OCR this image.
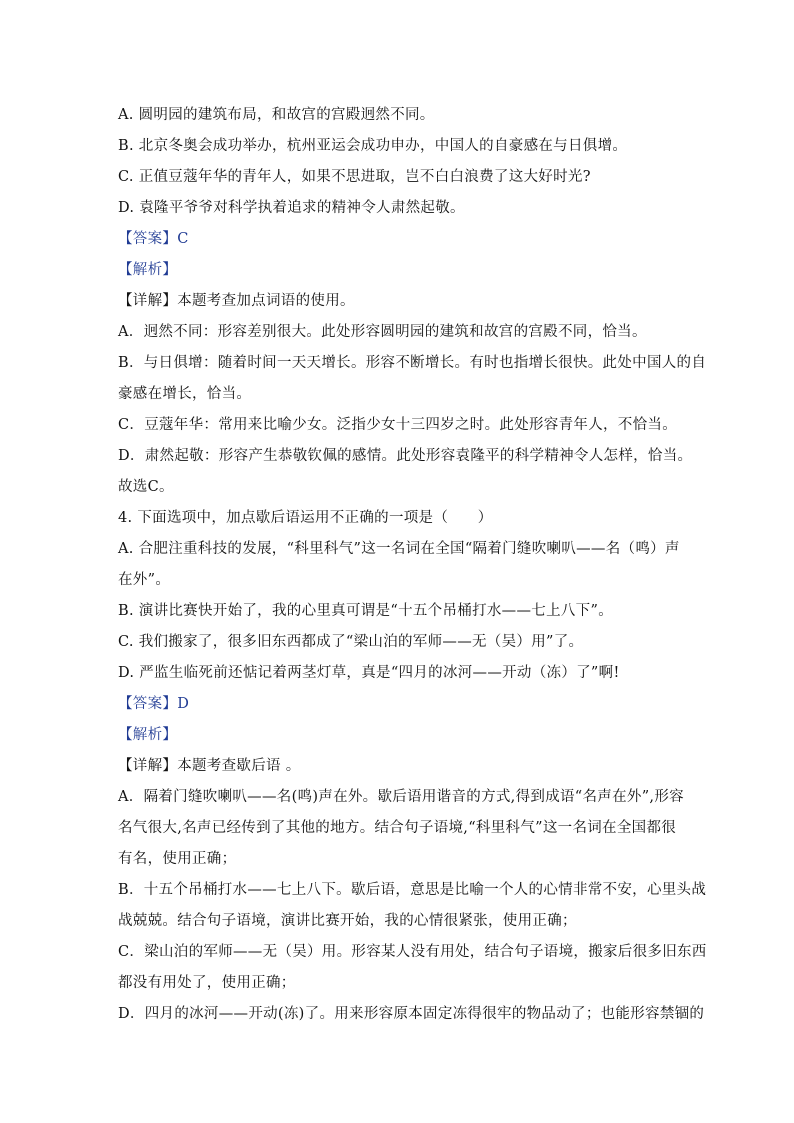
A. 圆明园的建筑布局，和故宫的宫殿迥然不同。
B. 北京冬奥会成功举办，杭州亚运会成功申办，中国人的自豪感在与日俱增。
C. 正值豆蔻年华的青年人，如果不思进取，岂不白白浪费了这大好时光?
D. 袁隆平爷爷对科学执着追求的精神令人肃然起敬。
【答案】C
【解析】
【详解】本题考查加点词语的使用。
A．迥然不同：形容差别很大。此处形容圆明园的建筑和故宫的宫殿不同，恰当。
B．与日俱增：随着时间一天天增长。形容不断增长。有时也指增长很快。此处中国人的自
豪感在增长，恰当。
C．豆蔻年华：常用来比喻少女。泛指少女十三四岁之时。此处形容青年人，不恰当。
D．肃然起敬：形容产生恭敬钦佩的感情。此处形容袁隆平的科学精神令人怎样，恰当。
故选C。
4. 下面选项中，加点歇后语运用不正确的一项是（　　）
A. 合肥注重科技的发展，“科里科气”这一名词在全国“隔着门缝吹喇叭——名（鸣）声
在外”。
B. 演讲比赛快开始了，我的心里真可谓是“十五个吊桶打水——七上八下”。
C. 我们搬家了，很多旧东西都成了“梁山泊的军师——无（吴）用”了。
D. 严监生临死前还惦记着两茎灯草，真是“四月的冰河——开动（冻）了”啊!
【答案】D
【解析】
【详解】本题考查歇后语 。
A．隔着门缝吹喇叭——名(鸣)声在外。歇后语用谐音的方式,得到成语“名声在外”,形容
名气很大,名声已经传到了其他的地方。结合句子语境,“科里科气”这一名词在全国都很
有名，使用正确；
B．十五个吊桶打水——七上八下。歇后语，意思是比喻一个人的心情非常不安，心里头战
战兢兢。结合句子语境，演讲比赛开始，我的心情很紧张，使用正确；
C．梁山泊的军师——无（吴）用。形容某人没有用处，结合句子语境，搬家后很多旧东西
都没有用处了，使用正确；
D．四月的冰河——开动(冻)了。用来形容原本固定冻得很牢的物品动了；也能形容禁锢的
